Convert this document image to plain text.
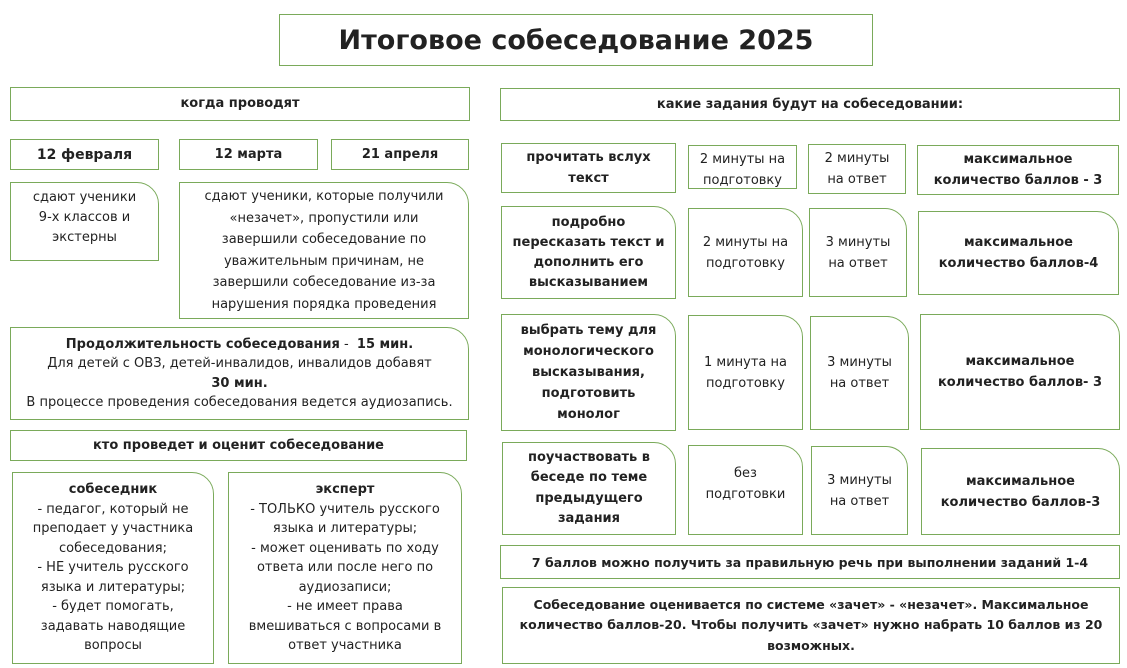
Итоговое собеседование 2025
когда проводят
12 февраля	12 марта	21 апреля
сдают ученики
9-х классов и
экстерны
сдают ученики, которые получили
«незачет», пропустили или
завершили собеседование по
уважительным причинам, не
завершили собеседование из-за
нарушения порядка проведения
Продолжительность собеседования -  15 мин.
Для детей с ОВЗ, детей-инвалидов, инвалидов добавят
30 мин.
В процессе проведения собеседования ведется аудиозапись.
кто проведет и оценит собеседование
собеседник
- педагог, который не
преподает у участника
собеседования;
- НЕ учитель русского
языка и литературы;
- будет помогать,
задавать наводящие
вопросы
эксперт
- ТОЛЬКО учитель русского
языка и литературы;
- может оценивать по ходу
ответа или после него по
аудиозаписи;
- не имеет права
вмешиваться с вопросами в
ответ участника
какие задания будут на собеседовании:
прочитать вслух
текст
2 минуты на
подготовку
2 минуты
на ответ
максимальное
количество баллов - 3
подробно
пересказать текст и
дополнить его
высказыванием
2 минуты на
подготовку
3 минуты
на ответ
максимальное
количество баллов-4
выбрать тему для
монологического
высказывания,
подготовить
монолог
1 минута на
подготовку
3 минуты
на ответ
максимальное
количество баллов- 3
поучаствовать в
беседе по теме
предыдущего
задания
без
подготовки
3 минуты
на ответ
максимальное
количество баллов-3
7 баллов можно получить за правильную речь при выполнении заданий 1-4
Собеседование оценивается по системе «зачет» - «незачет». Максимальное
количество баллов-20. Чтобы получить «зачет» нужно набрать 10 баллов из 20
возможных.
